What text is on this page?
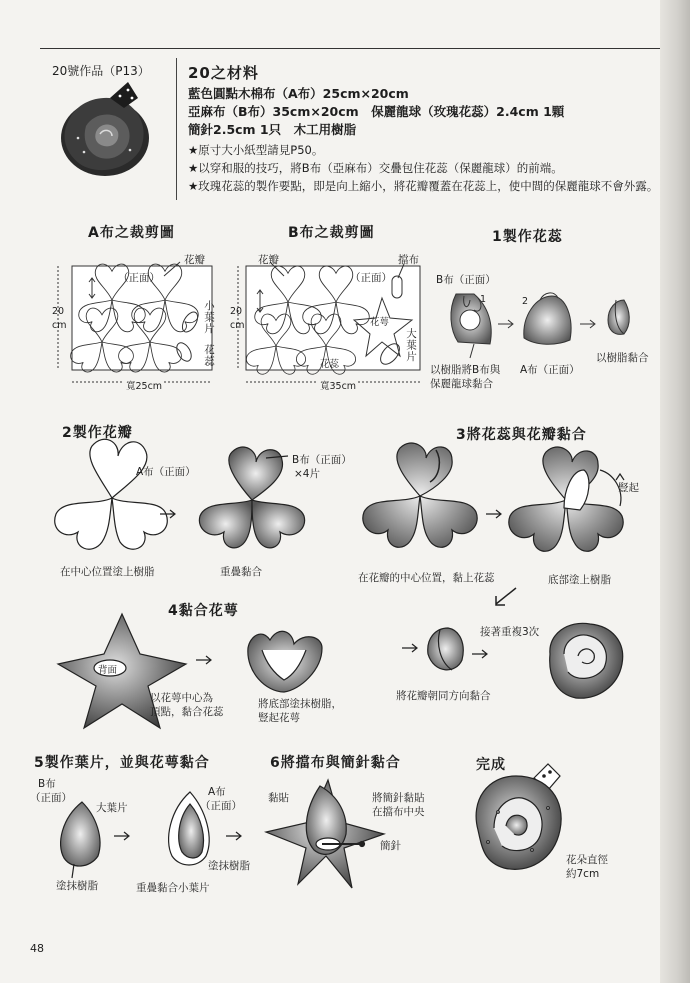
20號作品（P13）	20之材料
藍色圓點木棉布（A布）25cm×20cm
亞麻布（B布）35cm×20cm　保麗龍球（玫瑰花蕊）2.4cm 1顆
簡針2.5cm 1只　木工用樹脂
★原寸大小紙型請見P50。
★以穿和服的技巧，將B布（亞麻布）交疊包住花蕊（保麗龍球）的前端。
★玫瑰花蕊的製作要點，即是向上縮小，將花瓣覆蓋在花蕊上，使中間的保麗龍球不會外露。
A布之裁剪圖	B布之裁剪圖	1製作花蕊
2製作花瓣	3將花蕊與花瓣黏合
4黏合花萼
5製作葉片，並與花萼黏合	6將擋布與簡針黏合	完成
花瓣
（正面）
20
cm	小葉片
花蕊
寬25cm
花瓣	擋布
（正面）
20
cm	花萼
花蕊
大葉片
寬35cm
B布（正面）
1	2
以樹脂將B布與
保麗龍球黏合
A布（正面）
以樹脂黏合
A布（正面）
B布（正面）
×4片
在中心位置塗上樹脂	重疊黏合
豎起
在花瓣的中心位置，黏上花蕊	底部塗上樹脂
背面
以花萼中心為
頂點，黏合花蕊
將底部塗抹樹脂，
豎起花萼
將花瓣朝同方向黏合
接著重複3次
B布
（正面）
大葉片
A布
（正面）
塗抹樹脂
塗抹樹脂
重疊黏合小葉片
黏貼	將簡針黏貼
在擋布中央
簡針
花朵直徑
約7cm
48
